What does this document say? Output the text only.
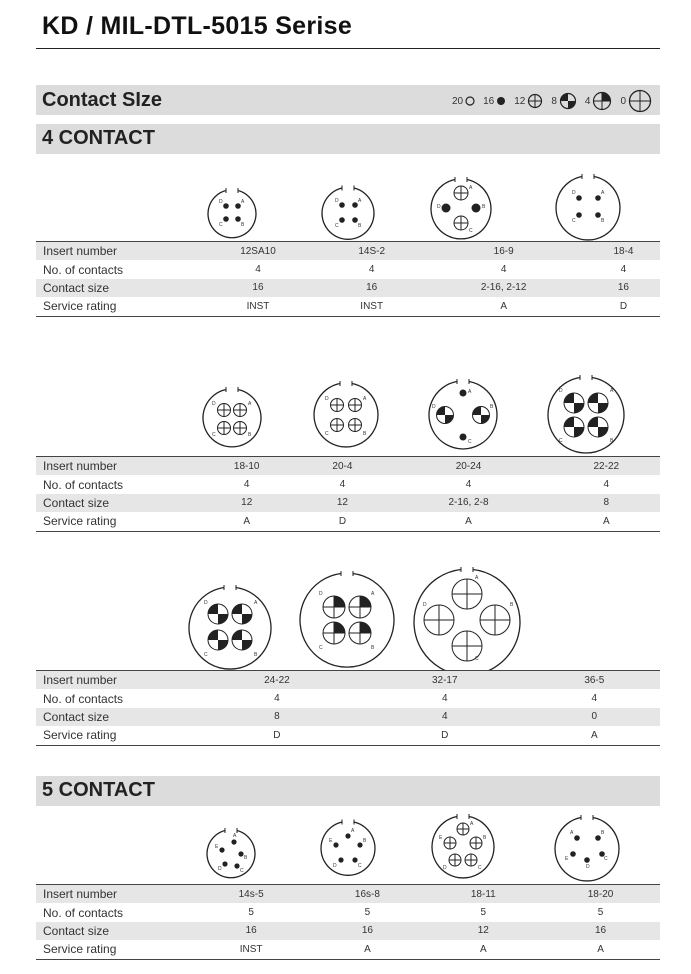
KD / MIL-DTL-5015 Serise
Contact SIze	20 16 12	8	4	0
4 CONTACT
D	A
C	B
D	A
C	B
A
B
C
D
D	A
C	B
Insert number	12SA10	14S-2	16-9	18-4
No. of contacts	4	4	4	4
Contact size	16	16	2-16, 2-12	16
Service rating	INST	INST	A	D
D	A
C	B
D	A
C	B
A
B
C
D
D	A
C	B
Insert number	18-10	20-4	20-24	22-22
No. of contacts	4	4	4	4
Contact size	12	12	2-16, 2-8	8
Service rating	A	D	A	A
D	A
C	B
D	A
C	B
A
B
C
D
Insert number	24-22	32-17	36-5	
No. of contacts	4	4	4	
Contact size	8	4	0	
Service rating	D	D	A	
5 CONTACT
A
E
B
D	C
A
E	B
D	C
A
E	B
D	C
A	B
C
D
E
Insert number	14s-5	16s-8	18-11	18-20
No. of contacts	5	5	5	5
Contact size	16	16	12	16
Service rating	INST	A	A	A
